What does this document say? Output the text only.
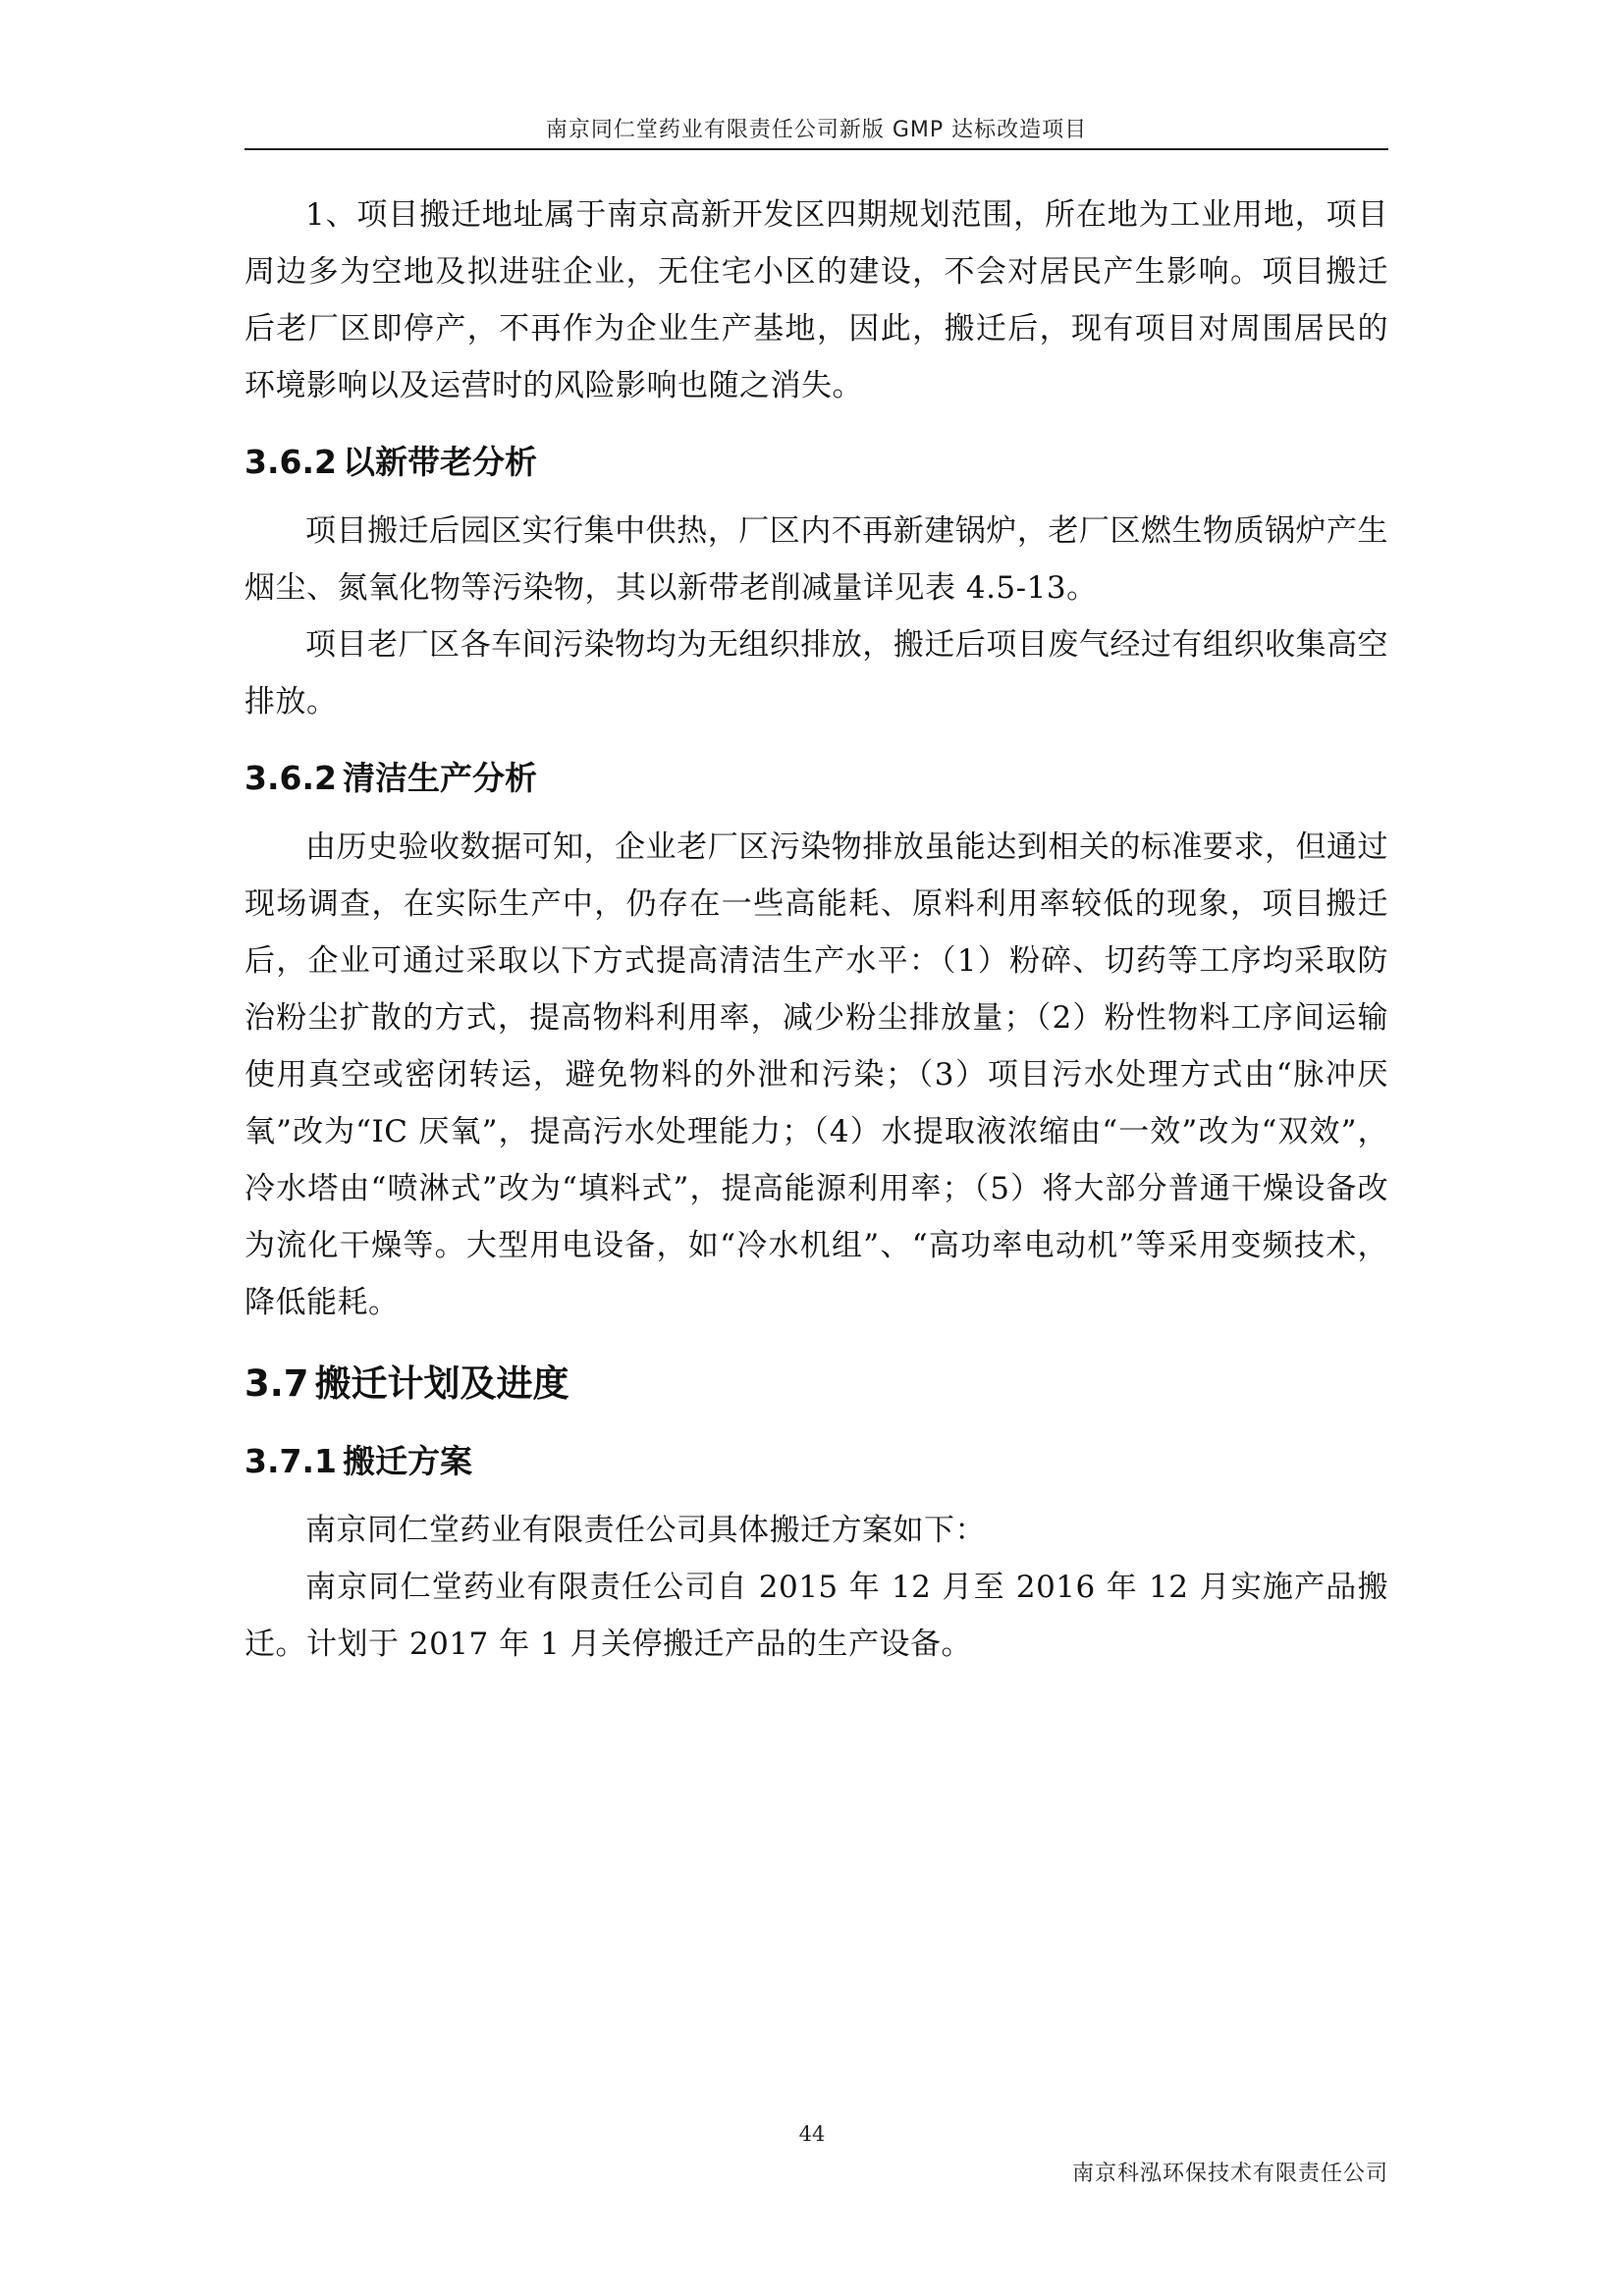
南京同仁堂药业有限责任公司新版 GMP 达标改造项目

1、项目搬迁地址属于南京高新开发区四期规划范围，所在地为工业用地，项目周边多为空地及拟进驻企业，无住宅小区的建设，不会对居民产生影响。项目搬迁后老厂区即停产，不再作为企业生产基地，因此，搬迁后，现有项目对周围居民的环境影响以及运营时的风险影响也随之消失。

3.6.2 以新带老分析

项目搬迁后园区实行集中供热，厂区内不再新建锅炉，老厂区燃生物质锅炉产生烟尘、氮氧化物等污染物，其以新带老削减量详见表 4.5-13。

项目老厂区各车间污染物均为无组织排放，搬迁后项目废气经过有组织收集高空排放。

3.6.2 清洁生产分析

由历史验收数据可知，企业老厂区污染物排放虽能达到相关的标准要求，但通过现场调查，在实际生产中，仍存在一些高能耗、原料利用率较低的现象，项目搬迁后，企业可通过采取以下方式提高清洁生产水平：（1）粉碎、切药等工序均采取防治粉尘扩散的方式，提高物料利用率，减少粉尘排放量；（2）粉性物料工序间运输使用真空或密闭转运，避免物料的外泄和污染；（3）项目污水处理方式由“脉冲厌氧”改为“IC 厌氧”，提高污水处理能力；（4）水提取液浓缩由“一效”改为“双效”，冷水塔由“喷淋式”改为“填料式”，提高能源利用率；（5）将大部分普通干燥设备改为流化干燥等。大型用电设备，如“冷水机组”、“高功率电动机”等采用变频技术，降低能耗。

3.7 搬迁计划及进度
3.7.1 搬迁方案

南京同仁堂药业有限责任公司具体搬迁方案如下：

南京同仁堂药业有限责任公司自 2015 年 12 月至 2016 年 12 月实施产品搬迁。计划于 2017 年 1 月关停搬迁产品的生产设备。

44
南京科泓环保技术有限责任公司
